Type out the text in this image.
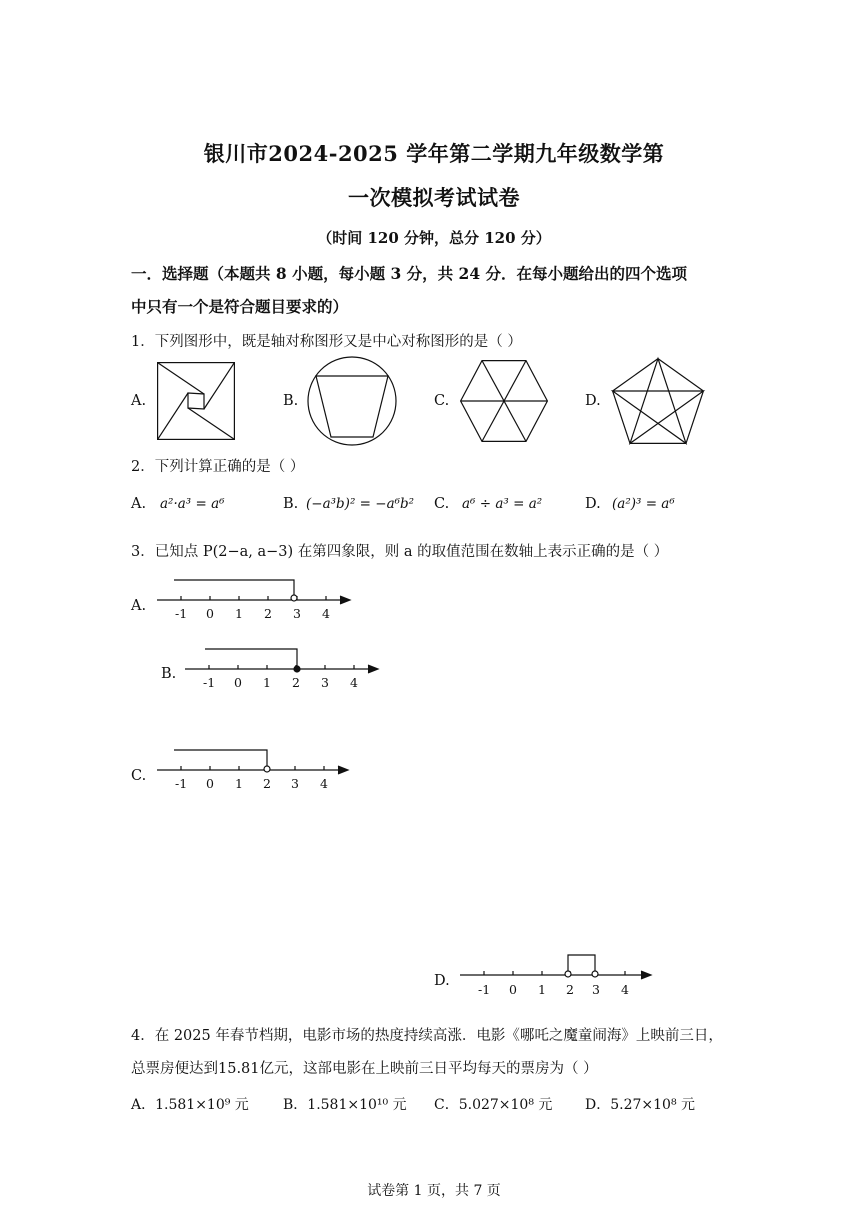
银川市2024-2025 学年第二学期九年级数学第
一次模拟考试试卷
（时间 120 分钟，总分 120 分）
一．选择题（本题共 8 小题，每小题 3 分，共 24 分．在每小题给出的四个选项
中只有一个是符合题目要求的）
1．下列图形中，既是轴对称图形又是中心对称图形的是（ ）
A.	B.	C.	D.
2．下列计算正确的是（ ）
A. a²·a³ = a⁶	B. (−a³b)² = −a⁶b² C. a⁶ ÷ a³ = a²	D. (a²)³ = a⁶
3．已知点 P(2−a, a−3) 在第四象限，则 a 的取值范围在数轴上表示正确的是（ ）
A. -1 0 1 2 3 4
B.
-1 0 1 2 3 4
C. -1 0 1 2 3 4
D.
-1 0 1 2 3 4
4．在 2025 年春节档期，电影市场的热度持续高涨．电影《哪吒之魔童闹海》上映前三日，
总票房便达到15.81亿元，这部电影在上映前三日平均每天的票房为（ ）
A．1.581×10⁹ 元 B．1.581×10¹⁰ 元 C．5.027×10⁸ 元 D．5.27×10⁸ 元
试卷第 1 页，共 7 页
